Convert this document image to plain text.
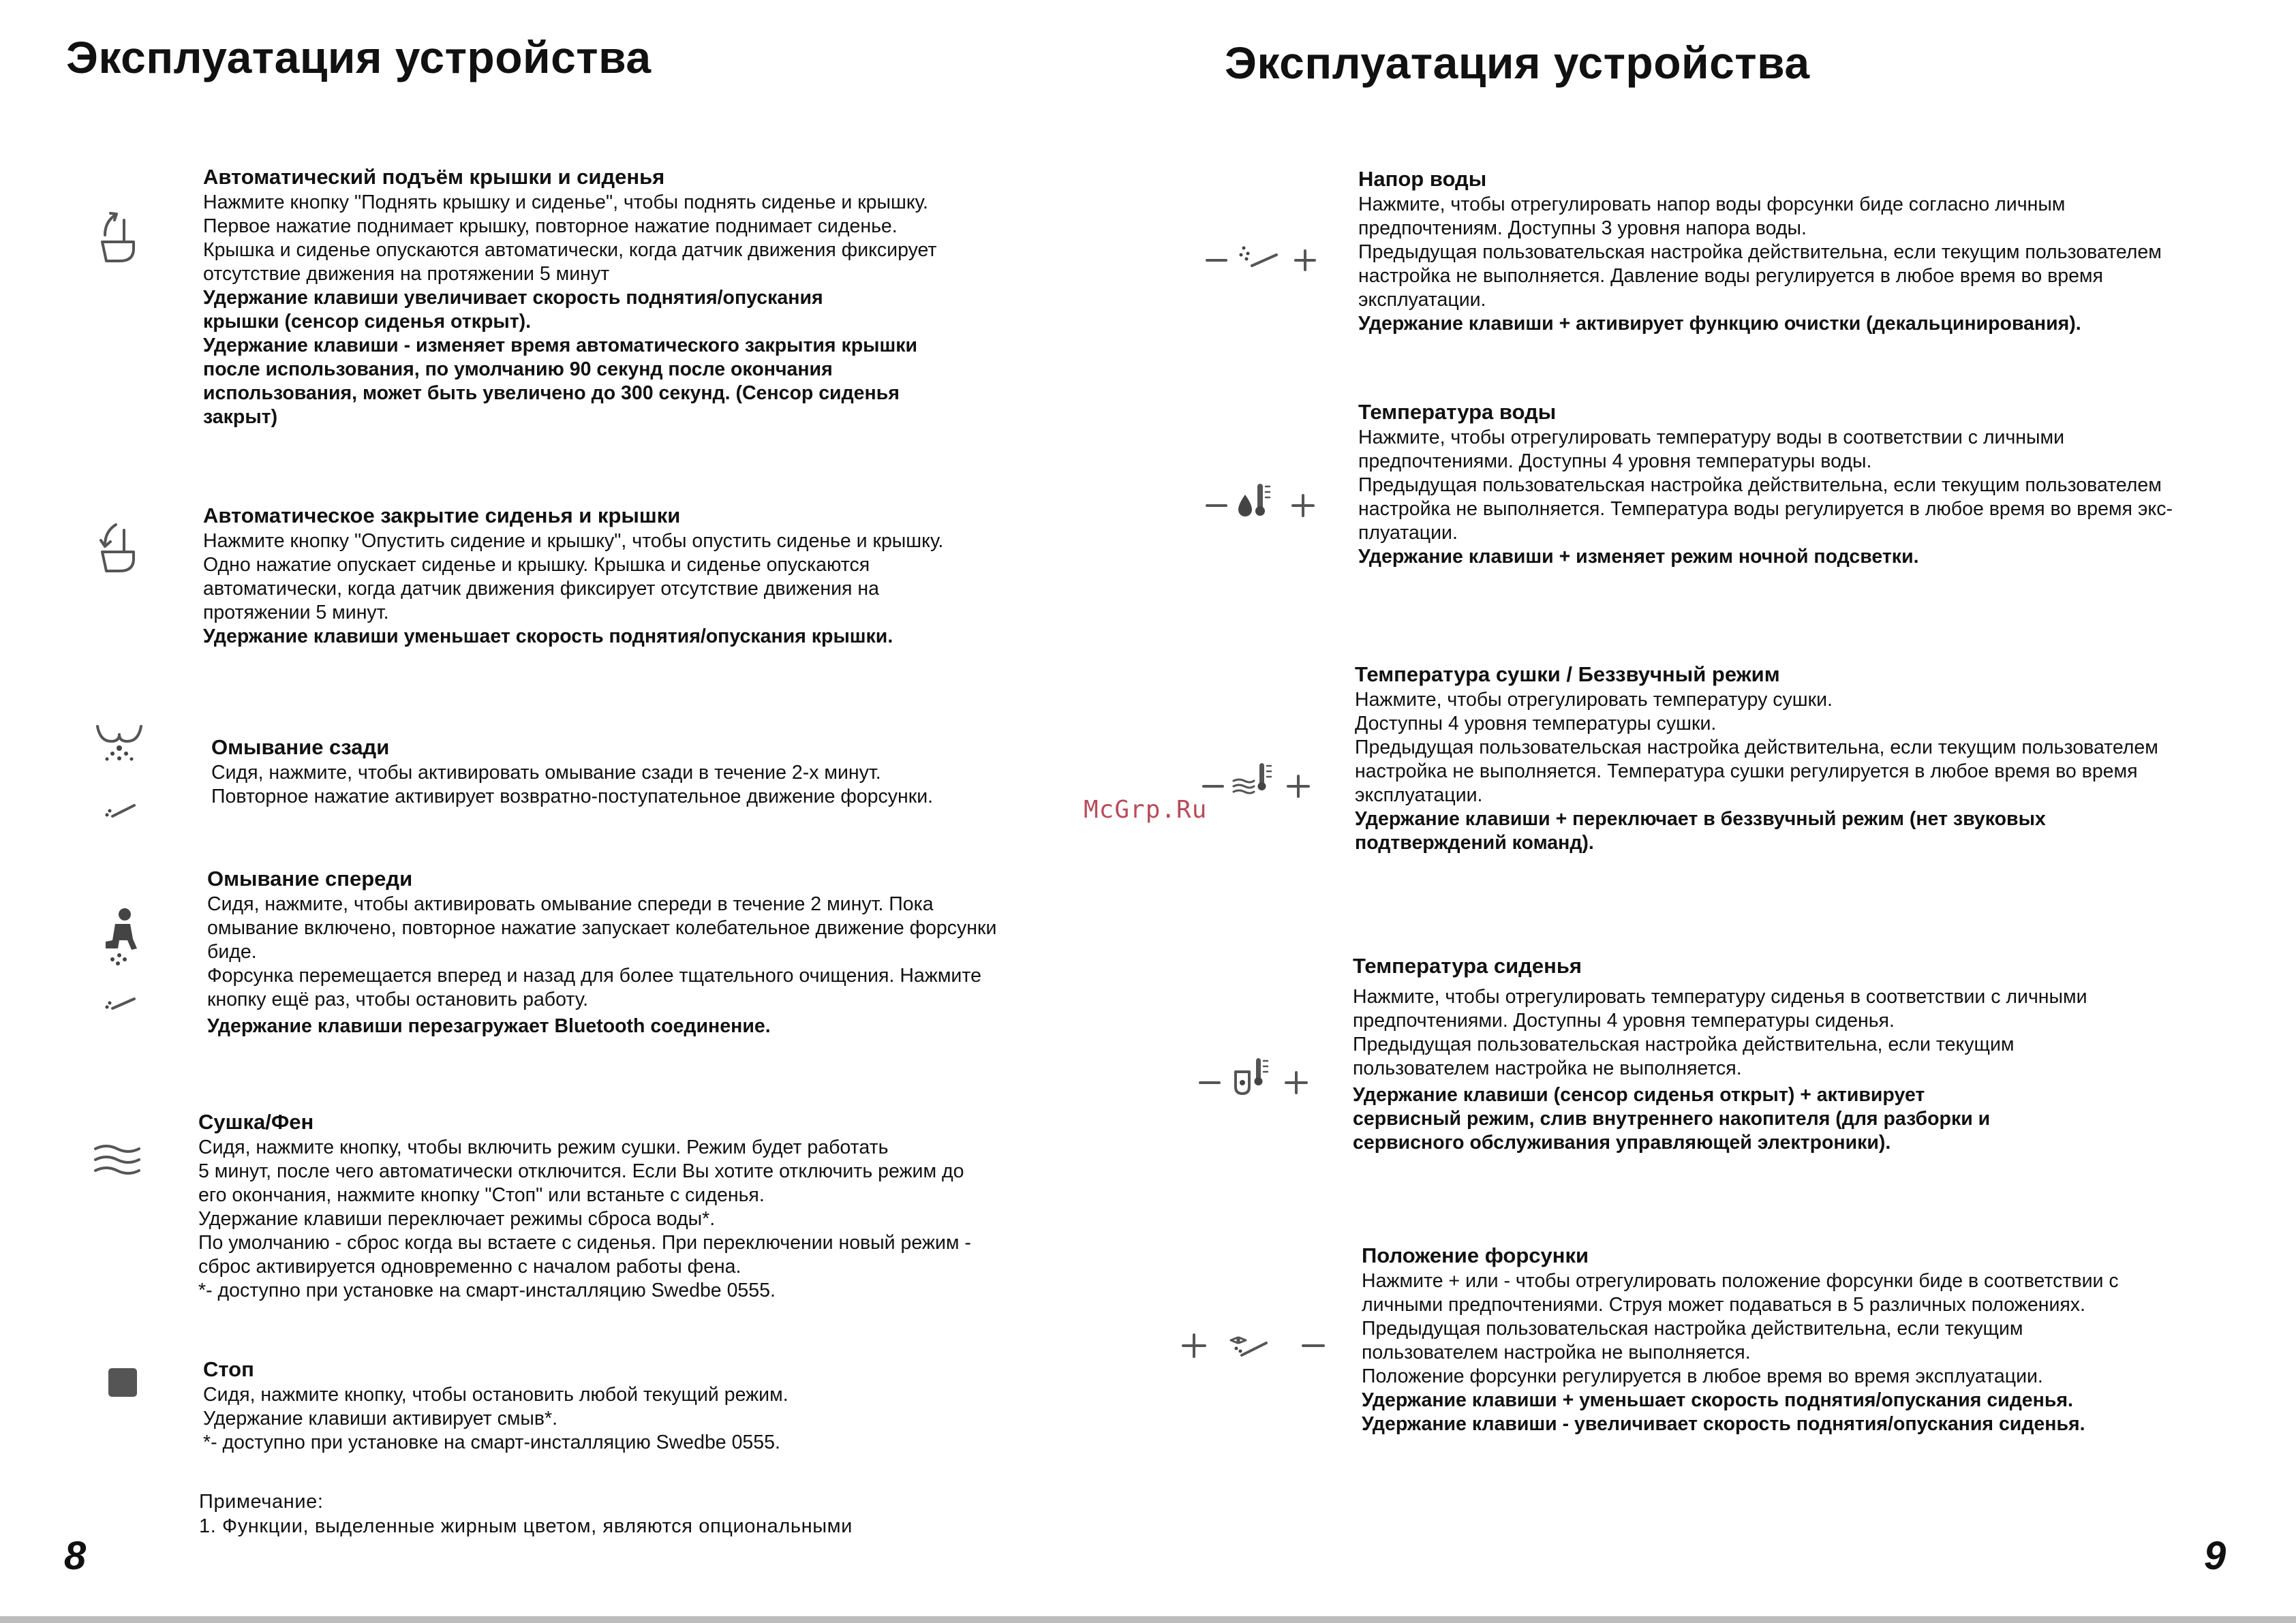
Эксплуатация устройства
Автоматический подъём крышки и сиденья
Нажмите кнопку "Поднять крышку и сиденье", чтобы поднять сиденье и крышку.
Первое нажатие поднимает крышку, повторное нажатие поднимает сиденье.
Крышка и сиденье опускаются автоматически, когда датчик движения фиксирует
отсутствие движения на протяжении 5 минут
Удержание клавиши увеличивает скорость поднятия/опускания
крышки (сенсор сиденья открыт).
Удержание клавиши - изменяет время автоматического закрытия крышки
после использования, по умолчанию 90 секунд после окончания
использования, может быть увеличено до 300 секунд. (Сенсор сиденья
закрыт)
Автоматическое закрытие сиденья и крышки
Нажмите кнопку "Опустить сидение и крышку", чтобы опустить сиденье и крышку.
Одно нажатие опускает сиденье и крышку. Крышка и сиденье опускаются
автоматически, когда датчик движения фиксирует отсутствие движения на
протяжении 5 минут.
Удержание клавиши уменьшает скорость поднятия/опускания крышки.
Омывание сзади
Сидя, нажмите, чтобы активировать омывание сзади в течение 2-х минут.
Повторное нажатие активирует возвратно-поступательное движение форсунки.
Омывание спереди
Сидя, нажмите, чтобы активировать омывание спереди в течение 2 минут. Пока
омывание включено, повторное нажатие запускает колебательное движение форсунки
биде.
Форсунка перемещается вперед и назад для более тщательного очищения. Нажмите
кнопку ещё раз, чтобы остановить работу.
Удержание клавиши перезагружает Bluetooth соединение.
Сушка/Фен
Сидя, нажмите кнопку, чтобы включить режим сушки. Режим будет работать
5 минут, после чего автоматически отключится. Если Вы хотите отключить режим до
его окончания, нажмите кнопку "Стоп" или встаньте с сиденья.
Удержание клавиши переключает режимы сброса воды*.
По умолчанию - сброс когда вы встаете с сиденья. При переключении новый режим -
сброс активируется одновременно с началом работы фена.
*- доступно при установке на смарт-инсталляцию Swedbe 0555.
Стоп
Сидя, нажмите кнопку, чтобы остановить любой текущий режим.
Удержание клавиши активирует смыв*.
*- доступно при установке на смарт-инсталляцию Swedbe 0555.
Примечание:
1. Функции, выделенные жирным цветом, являются опциональными
8
Эксплуатация устройства
Напор воды
Нажмите, чтобы отрегулировать напор воды форсунки биде согласно личным
предпочтениям. Доступны 3 уровня напора воды.
Предыдущая пользовательская настройка действительна, если текущим пользователем
настройка не выполняется. Давление воды регулируется в любое время во время
эксплуатации.
Удержание клавиши + активирует функцию очистки (декальцинирования).
Температура воды
Нажмите, чтобы отрегулировать температуру воды в соответствии с личными
предпочтениями. Доступны 4 уровня температуры воды.
Предыдущая пользовательская настройка действительна, если текущим пользователем
настройка не выполняется. Температура воды регулируется в любое время во время экс-
плуатации.
Удержание клавиши + изменяет режим ночной подсветки.
McGrp.Ru
Температура сушки / Беззвучный режим
Нажмите, чтобы отрегулировать температуру сушки.
Доступны 4 уровня температуры сушки.
Предыдущая пользовательская настройка действительна, если текущим пользователем
настройка не выполняется. Температура сушки регулируется в любое время во время
эксплуатации.
Удержание клавиши + переключает в беззвучный режим (нет звуковых
подтверждений команд).
Температура сиденья
Нажмите, чтобы отрегулировать температуру сиденья в соответствии с личными
предпочтениями. Доступны 4 уровня температуры сиденья.
Предыдущая пользовательская настройка действительна, если текущим
пользователем настройка не выполняется.
Удержание клавиши (сенсор сиденья открыт) + активирует
сервисный режим, слив внутреннего накопителя (для разборки и
сервисного обслуживания управляющей электроники).
Положение форсунки
Нажмите + или - чтобы отрегулировать положение форсунки биде в соответствии с
личными предпочтениями. Струя может подаваться в 5 различных положениях.
Предыдущая пользовательская настройка действительна, если текущим
пользователем настройка не выполняется.
Положение форсунки регулируется в любое время во время эксплуатации.
Удержание клавиши + уменьшает скорость поднятия/опускания сиденья.
Удержание клавиши - увеличивает скорость поднятия/опускания сиденья.
9
